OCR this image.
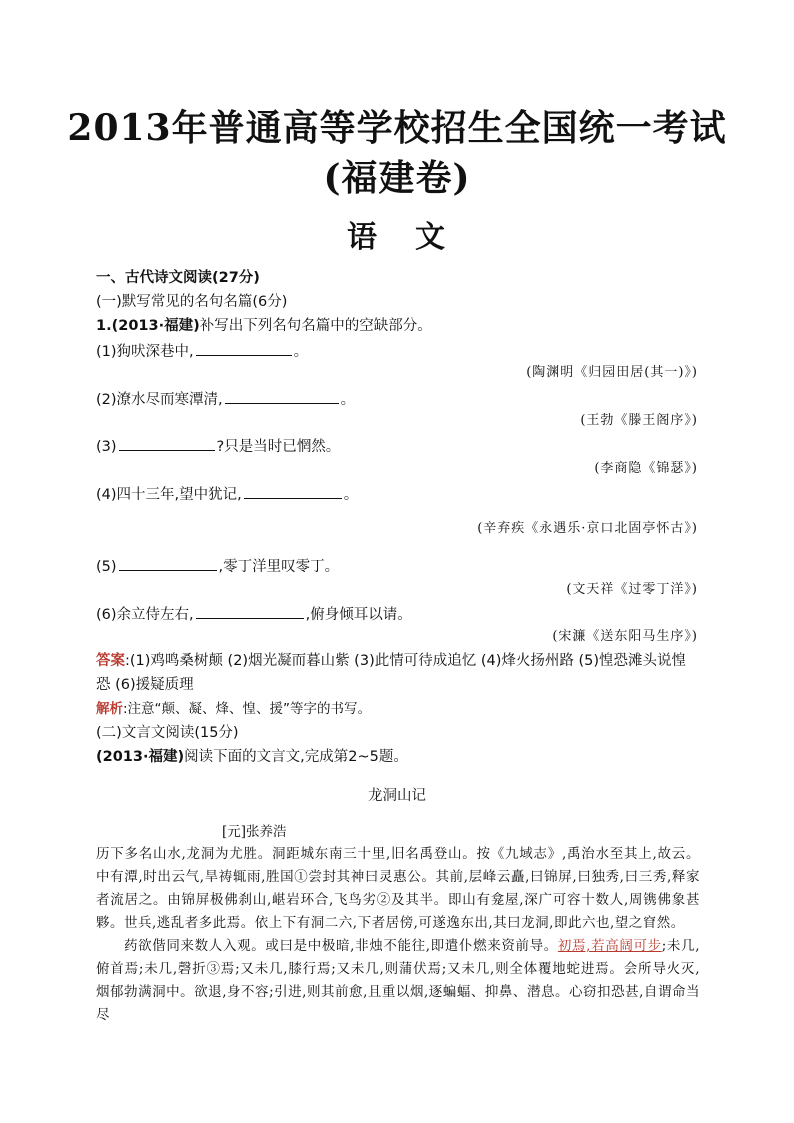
2013年普通高等学校招生全国统一考试
(福建卷)
语 文
一、古代诗文阅读(27分)
(一)默写常见的名句名篇(6分)
1.(2013·福建)补写出下列名句名篇中的空缺部分。
(1)狗吠深巷中,	。
(陶渊明《归园田居(其一)》)
(2)潦水尽而寒潭清,	。
(王勃《滕王阁序》)
(3)	?只是当时已惘然。
(李商隐《锦瑟》)
(4)四十三年,望中犹记,	。
(辛弃疾《永遇乐·京口北固亭怀古》)
(5)	,零丁洋里叹零丁。
(文天祥《过零丁洋》)
(6)余立侍左右,	,俯身倾耳以请。
(宋濂《送东阳马生序》)
答案:(1)鸡鸣桑树颠 (2)烟光凝而暮山紫 (3)此情可待成追忆 (4)烽火扬州路 (5)惶恐滩头说惶
恐 (6)援疑质理
解析:注意“颠、凝、烽、惶、援”等字的书写。
(二)文言文阅读(15分)
(2013·福建)阅读下面的文言文,完成第2~5题。
龙洞山记
[元]张养浩

历下多名山水,龙洞为尤胜。洞距城东南三十里,旧名禹登山。按《九域志》,禹治水至其上,故云。中有潭,时出云气,旱祷辄雨,胜国①尝封其神曰灵惠公。其前,层峰云矗,曰锦屏,曰独秀,曰三秀,释家者流居之。由锦屏极佛刹山,嵁岩环合,飞鸟劣②及其半。即山有龛屋,深广可容十数人,周镌佛象甚夥。世兵,逃乱者多此焉。依上下有洞二六,下者居傍,可遂逸东出,其曰龙洞,即此六也,望之窅然。

药欲偕同来数人入观。或曰是中极暗,非烛不能往,即遣仆燃来资前导。初焉,若高阔可步;未几,俯首焉;未几,磬折③焉;又未几,膝行焉;又未几,则蒲伏焉;又未几,则全体覆地蛇进焉。会所导火灭,烟郁勃满洞中。欲退,身不容;引进,则其前愈,且重以烟,逐蝙蝠、抑鼻、潜息。心窃扣恐甚,自谓命当尽
